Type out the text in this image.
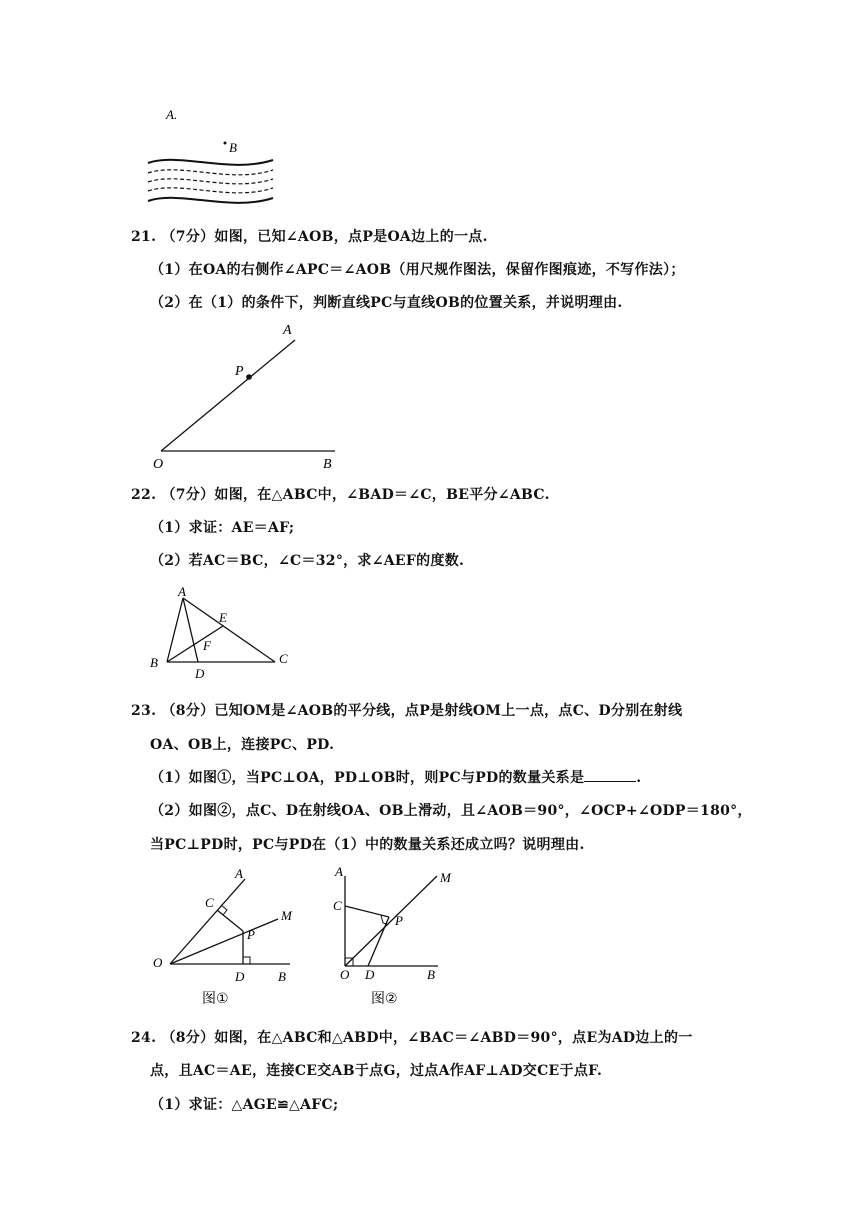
A.
B
21. （7分）如图，已知∠AOB，点P是OA边上的一点.
（1）在OA的右侧作∠APC＝∠AOB（用尺规作图法，保留作图痕迹，不写作法）；
（2）在（1）的条件下，判断直线PC与直线OB的位置关系，并说明理由.
A
P
O	B
22. （7分）如图，在△ABC中，∠BAD＝∠C，BE平分∠ABC.
（1）求证：AE＝AF;
（2）若AC＝BC，∠C＝32°，求∠AEF的度数.
A
E
F
B
D
C
23. （8分）已知OM是∠AOB的平分线，点P是射线OM上一点，点C、D分别在射线
OA、OB上，连接PC、PD.
（1）如图①，当PC⊥OA，PD⊥OB时，则PC与PD的数量关系是	.
（2）如图②，点C、D在射线OA、OB上滑动，且∠AOB＝90°，∠OCP+∠ODP＝180°，
当PC⊥PD时，PC与PD在（1）中的数量关系还成立吗？说明理由.
A
C
M
P
O
D	B
图①
A	M
C
P
O D	B
图②
24. （8分）如图，在△ABC和△ABD中，∠BAC＝∠ABD＝90°，点E为AD边上的一
点，且AC＝AE，连接CE交AB于点G，过点A作AF⊥AD交CE于点F.
（1）求证：△AGE≌△AFC;
